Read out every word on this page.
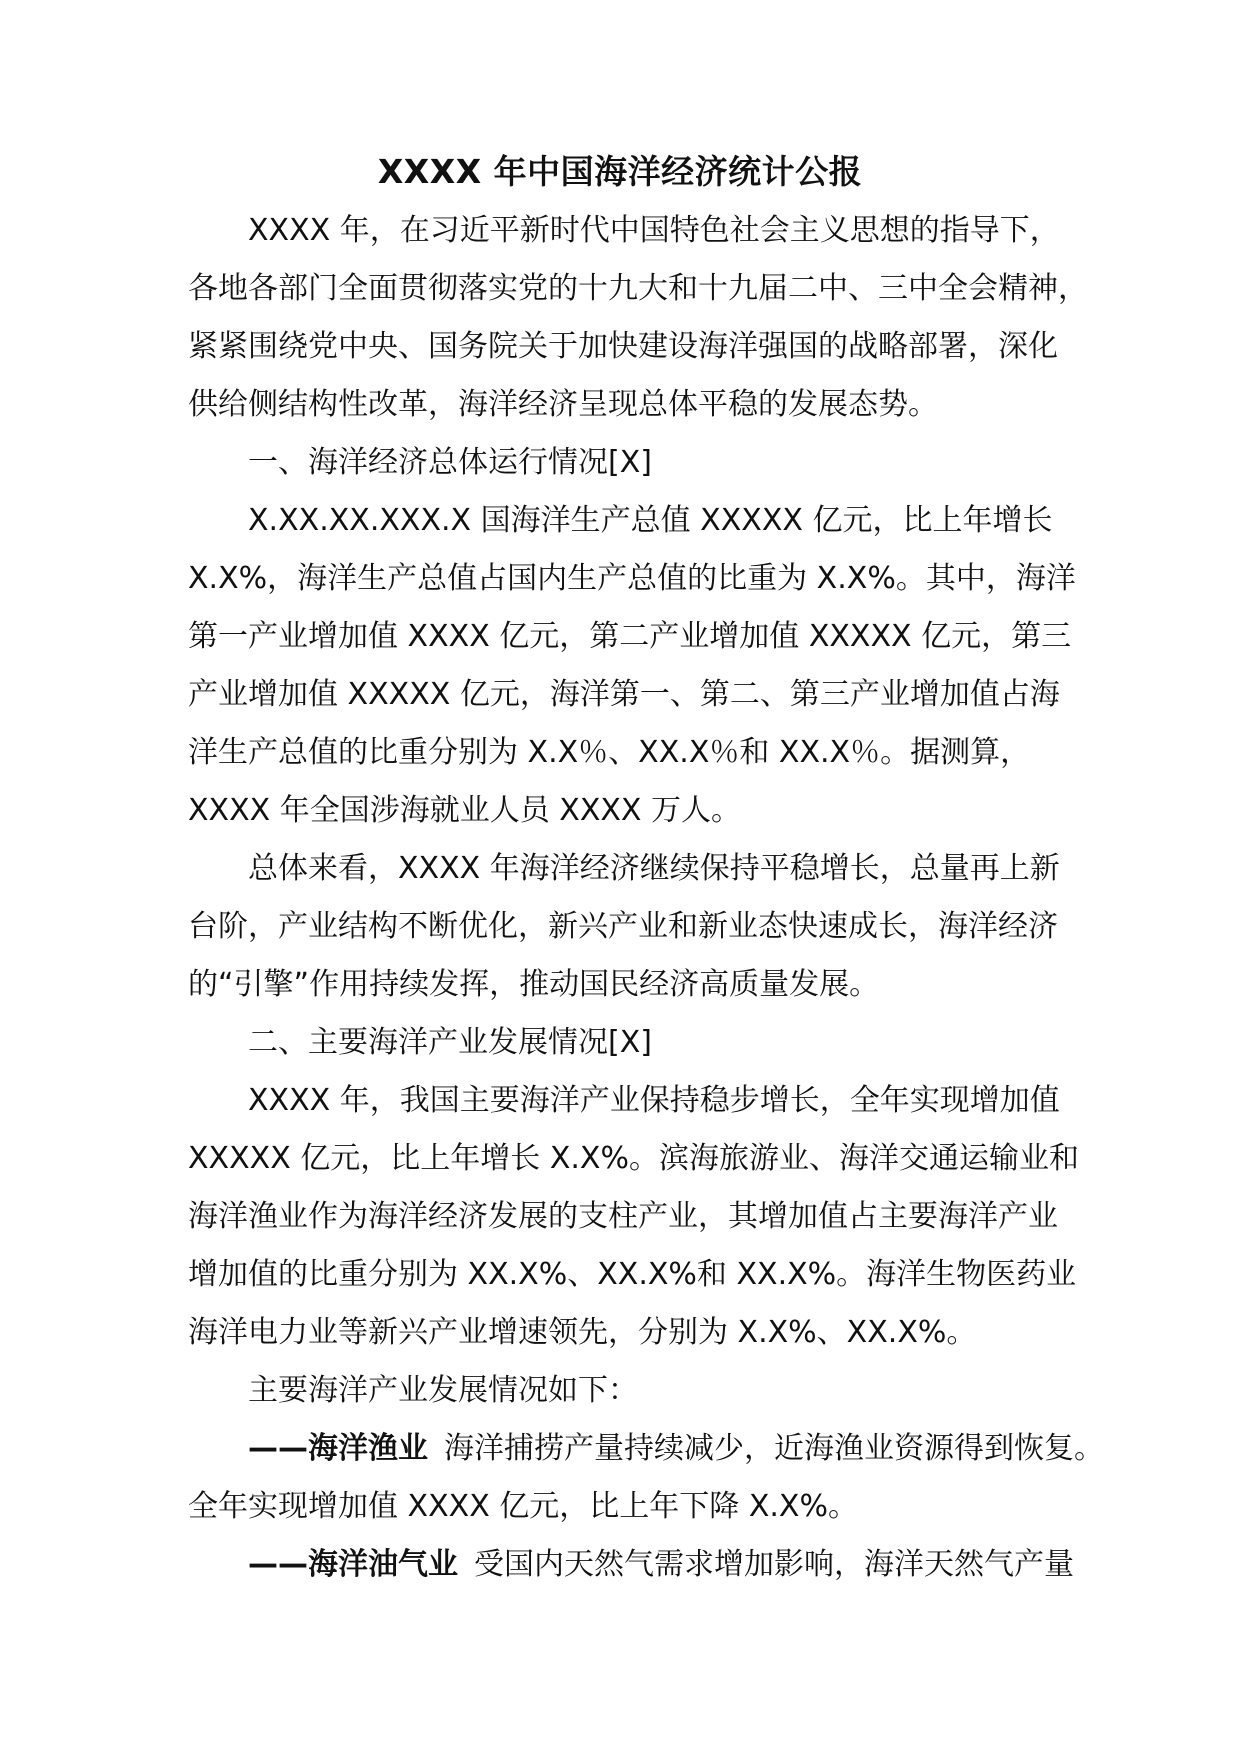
XXXX 年中国海洋经济统计公报
XXXX 年，在习近平新时代中国特色社会主义思想的指导下，
各地各部门全面贯彻落实党的十九大和十九届二中、三中全会精神，
紧紧围绕党中央、国务院关于加快建设海洋强国的战略部署，深化
供给侧结构性改革，海洋经济呈现总体平稳的发展态势。
一、海洋经济总体运行情况[X]
X.XX.XX.XXX.X 国海洋生产总值 XXXXX 亿元，比上年增长
X.X%，海洋生产总值占国内生产总值的比重为 X.X%。其中，海洋
第一产业增加值 XXXX 亿元，第二产业增加值 XXXXX 亿元，第三
产业增加值 XXXXX 亿元，海洋第一、第二、第三产业增加值占海
洋生产总值的比重分别为 X.X％、XX.X％和 XX.X％。据测算，
XXXX 年全国涉海就业人员 XXXX 万人。
总体来看，XXXX 年海洋经济继续保持平稳增长，总量再上新
台阶，产业结构不断优化，新兴产业和新业态快速成长，海洋经济
的“引擎”作用持续发挥，推动国民经济高质量发展。
二、主要海洋产业发展情况[X]
XXXX 年，我国主要海洋产业保持稳步增长，全年实现增加值
XXXXX 亿元，比上年增长 X.X%。滨海旅游业、海洋交通运输业和
海洋渔业作为海洋经济发展的支柱产业，其增加值占主要海洋产业
增加值的比重分别为 XX.X%、XX.X%和 XX.X%。海洋生物医药业
海洋电力业等新兴产业增速领先，分别为 X.X%、XX.X%。
主要海洋产业发展情况如下：
——海洋渔业 海洋捕捞产量持续减少，近海渔业资源得到恢复。
全年实现增加值 XXXX 亿元，比上年下降 X.X%。
——海洋油气业 受国内天然气需求增加影响，海洋天然气产量
